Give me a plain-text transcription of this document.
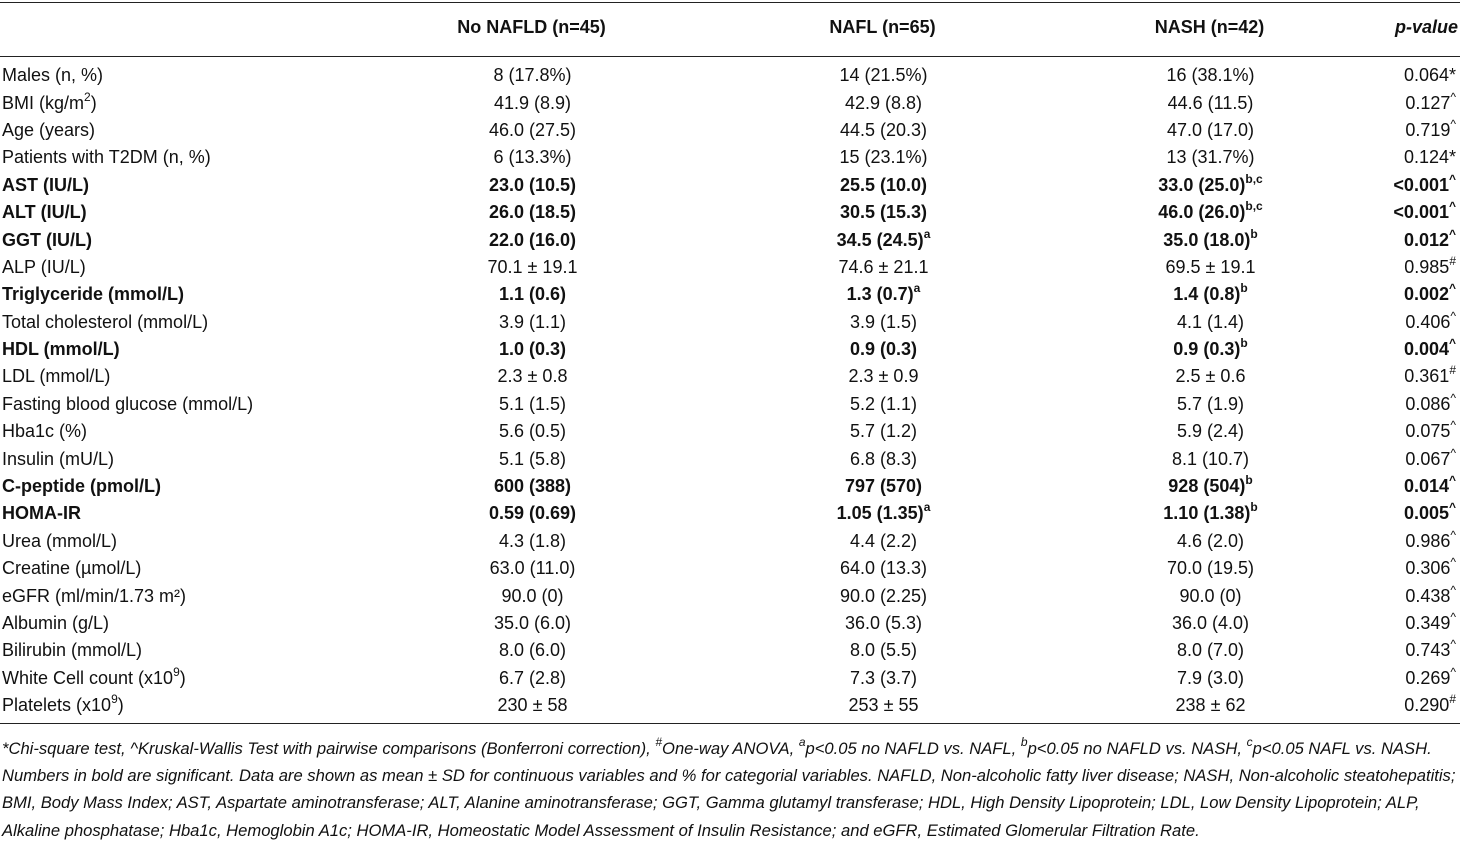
	No NAFLD (n=45)	NAFL (n=65)	NASH (n=42)	p-value

Males (n, %)	8 (17.8%)	14 (21.5%)	16 (38.1%)	0.064*
BMI $(kg/m^2)$	41.9 (8.9)	42.9 (8.8)	44.6 (11.5)	0.127^
Age (years)	46.0 (27.5)	44.5 (20.3)	47.0 (17.0)	0.719^
Patients with T2DM (n, %)	6 (13.3%)	15 (23.1%)	13 (31.7%)	0.124*
AST (IU/L)	23.0 (10.5)	25.5 (10.0)	33.0 $(25.0)^{b,c}$	<0.001^
ALT (IU/L)	26.0 (18.5)	30.5 (15.3)	46.0 $(26.0)^{b,c}$	<0.001^
GGT (IU/L)	22.0 (16.0)	34.5 $(24.5)^a$	35.0 $(18.0)^b$	0.012^
ALP (IU/L)	70.1 ± 19.1	74.6 ± 21.1	69.5 ± 19.1	0.985#
Triglyceride (mmol/L)	1.1 (0.6)	1.3 $(0.7)^a$	1.4 $(0.8)^b$	0.002^
Total cholesterol (mmol/L)	3.9 (1.1)	3.9 (1.5)	4.1 (1.4)	0.406^
HDL (mmol/L)	1.0 (0.3)	0.9 (0.3)	0.9 $(0.3)^b$	0.004^
LDL (mmol/L)	2.3 ± 0.8	2.3 ± 0.9	2.5 ± 0.6	0.361#
Fasting blood glucose (mmol/L)	5.1 (1.5)	5.2 (1.1)	5.7 (1.9)	0.086^
Hba1c (%)	5.6 (0.5)	5.7 (1.2)	5.9 (2.4)	0.075^
Insulin (mU/L)	5.1 (5.8)	6.8 (8.3)	8.1 (10.7)	0.067^
C-peptide (pmol/L)	600 (388)	797 (570)	928 $(504)^b$	0.014^
HOMA-IR	0.59 (0.69)	1.05 $(1.35)^a$	1.10 $(1.38)^b$	0.005^
Urea (mmol/L)	4.3 (1.8)	4.4 (2.2)	4.6 (2.0)	0.986^
Creatine (µmol/L)	63.0 (11.0)	64.0 (13.3)	70.0 (19.5)	0.306^
eGFR (ml/min/1.73 m²)	90.0 (0)	90.0 (2.25)	90.0 (0)	0.438^
Albumin (g/L)	35.0 (6.0)	36.0 (5.3)	36.0 (4.0)	0.349^
Bilirubin (mmol/L)	8.0 (6.0)	8.0 (5.5)	8.0 (7.0)	0.743^
White Cell count $(x10^9)$	6.7 (2.8)	7.3 (3.7)	7.9 (3.0)	0.269^
Platelets $(x10^9)$	230 ± 58	253 ± 55	238 ± 62	0.290#
*Chi-square test, ^Kruskal-Wallis Test with pairwise comparisons (Bonferroni correction), #One-way ANOVA, $^a$p<0.05 no NAFLD vs. NAFL, $^b$p<0.05 no NAFLD vs. NASH, $^c$p<0.05 NAFL vs. NASH. Numbers in bold are significant. Data are shown as mean ± SD for continuous variables and % for categorial variables. NAFLD, Non-alcoholic fatty liver disease; NASH, Non-alcoholic steatohepatitis; BMI, Body Mass Index; AST, Aspartate aminotransferase; ALT, Alanine aminotransferase; GGT, Gamma glutamyl transferase; HDL, High Density Lipoprotein; LDL, Low Density Lipoprotein; ALP, Alkaline phosphatase; Hba1c, Hemoglobin A1c; HOMA-IR, Homeostatic Model Assessment of Insulin Resistance; and eGFR, Estimated Glomerular Filtration Rate.
